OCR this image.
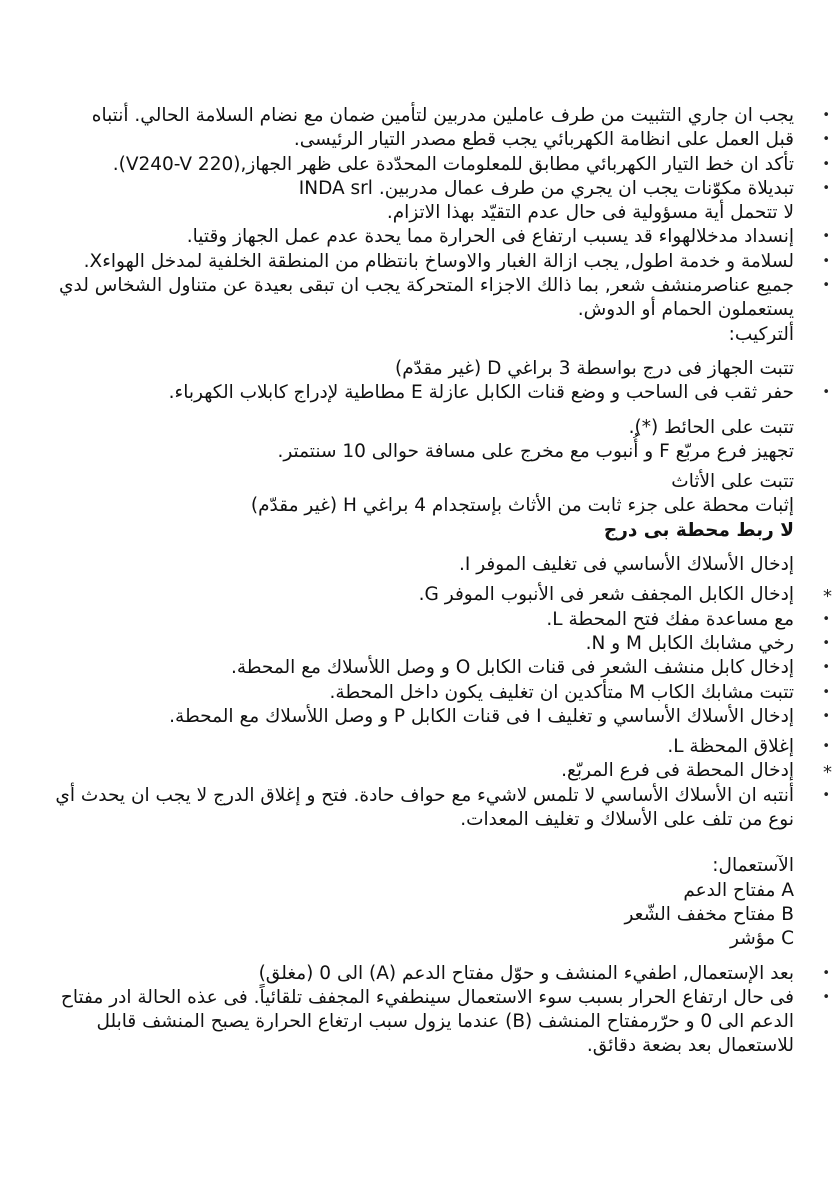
• يجب ان جاري التثبيت من طرف عاملين مدربين لتأمين ضمان مع نضام السلامة الحالي. أنتباه
• قبل العمل على انظامة الكهربائي يجب قطع مصدر التيار الرئيسى.
• تأكد ان خط التيار الكهربائي مطابق للمعلومات المحدّدة على ظهر الجهاز,(V240-V 220).
• تبديلاة مكوّنات يجب ان يجري من طرف عمال مدربين. INDA srl
لا تتحمل أية مسؤولية فى حال عدم التقيّد بهذا الاتزام.
• إنسداد مدخلالهواء قد يسبب ارتفاع فى الحرارة مما يحدة عدم عمل الجهاز وقتيا.
• لسلامة و خدمة اطول, يجب ازالة الغبار والاوساخ بانتظام من المنطقة الخلفية لمدخل الهواءX.
• جميع عناصرمنشف شعر, بما ذالك الاجزاء المتحركة يجب ان تبقى بعيدة عن متناول الشخاس لدي يستعملون الحمام أو الدوش.
ألتركيب:
تتبت الجهاز فى درج بواسطة 3 براغي D (غير مقدّم)
• حفر ثقب فى الساحب و وضع قنات الكابل عازلة E مطاطية لإدراج كابلاب الكهرباء.
تتبت على الحائط (*).
تجهيز فرع مربّع F و أُنبوب مع مخرج على مسافة حوالى 10 سنتمتر.
تتبت على الأثاث
إثبات محطة على جزء ثابت من الأثاث بإستجدام 4 براغي H (غير مقدّم)
لا ربط محطة بى درج
إدخال الأسلاك الأساسي فى تغليف الموفر I.
* إدخال الكابل المجفف شعر فى الأنبوب الموفر G.
• مع مساعدة مفك فتح المحطة L.
• رخي مشابك الكابل M و N.
• إدخال كابل منشف الشعر فى قنات الكابل O و وصل اللأسلاك مع المحطة.
• تتبت مشابك الكاب M متأكدين ان تغليف يكون داخل المحطة.
• إدخال الأسلاك الأساسي و تغليف I فى قنات الكابل P و وصل اللأسلاك مع المحطة.
• إغلاق المحظة L.
* إدخال المحطة فى فرع المربّع.
• أنتبه ان الأسلاك الأساسي لا تلمس لاشيء مع حواف حادة. فتح و إغلاق الدرج لا يجب ان يحدث أي نوع من تلف على الأسلاك و تغليف المعدات.
الآستعمال:
A مفتاح الدعم
B مفتاح مخفف الشّعر
C مؤشر
• بعد الإستعمال, اطفيء المنشف و حوّل مفتاح الدعم (A) الى 0 (مغلق)
• فى حال ارتفاع الحرار بسبب سوء الاستعمال سينطفيء المجفف تلقائياً. فى عذه الحالة ادر مفتاح الدعم الى 0 و حرّرمفتاح المنشف (B) عندما يزول سبب ارتغاع الحرارة يصبح المنشف قابلل للاستعمال بعد بضعة دقائق.
